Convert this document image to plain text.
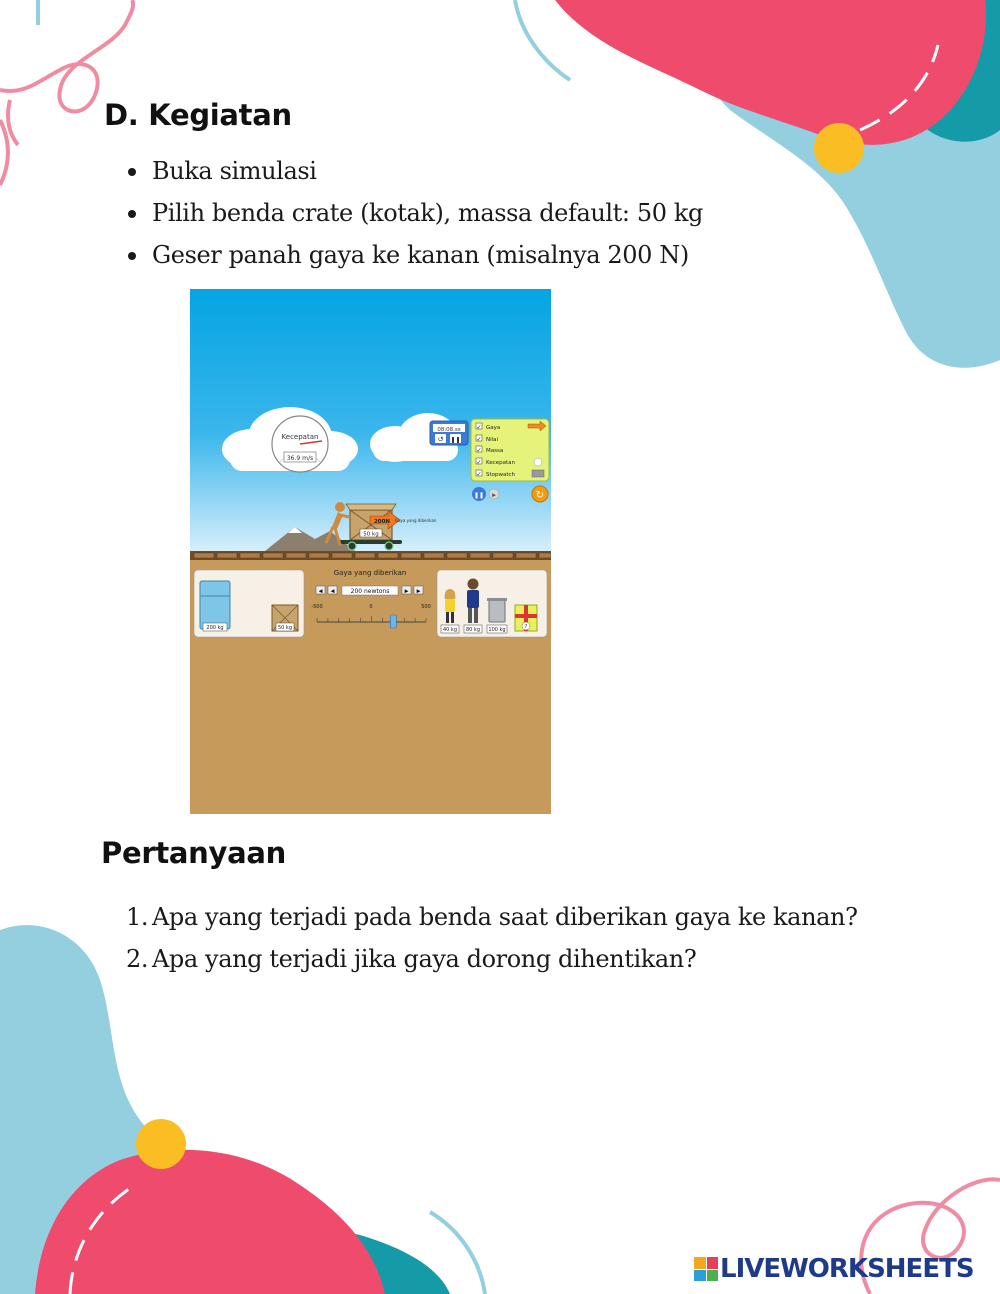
D. Kegiatan
Buka simulasi
Pilih benda crate (kotak), massa default: 50 kg
Geser panah gaya ke kanan (misalnya 200 N)
Kecepatan
36.9 m/s
08:08.ss
↺ ❚❚
✓ Gaya
✓ Nilai
✓ Massa
✓ Kecepatan
✓ Stopwatch
❚❚ ▶	↻
50 kg
200N Gaya yang diberikan
200 kg	50 kg
Gaya yang diberikan
◀ ◀	200 newtons	▶ ▶
-500	0	500
40 kg 80 kg 100 kg	?
Pertanyaan
1. Apa yang terjadi pada benda saat diberikan gaya ke kanan?
2. Apa yang terjadi jika gaya dorong dihentikan?
LIVEWORKSHEETS
